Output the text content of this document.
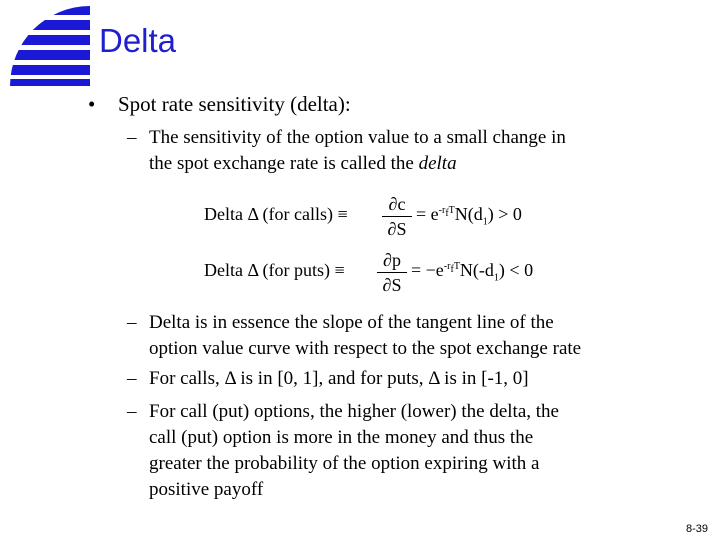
Delta
• Spot rate sensitivity (delta):
– The sensitivity of the option value to a small change in
the spot exchange rate is called the delta
Delta Δ (for calls) ≡ $\frac{\partial c}{\partial S} = e^{-r_fT}N(d_1) > 0$
Delta Δ (for puts) ≡ $\frac{\partial p}{\partial S} = -e^{-r_fT}N(-d_1) < 0$
– Delta is in essence the slope of the tangent line of the
option value curve with respect to the spot exchange rate
– For calls, Δ is in [0, 1], and for puts, Δ is in [-1, 0]
– For call (put) options, the higher (lower) the delta, the
call (put) option is more in the money and thus the
greater the probability of the option expiring with a
positive payoff
8-39
